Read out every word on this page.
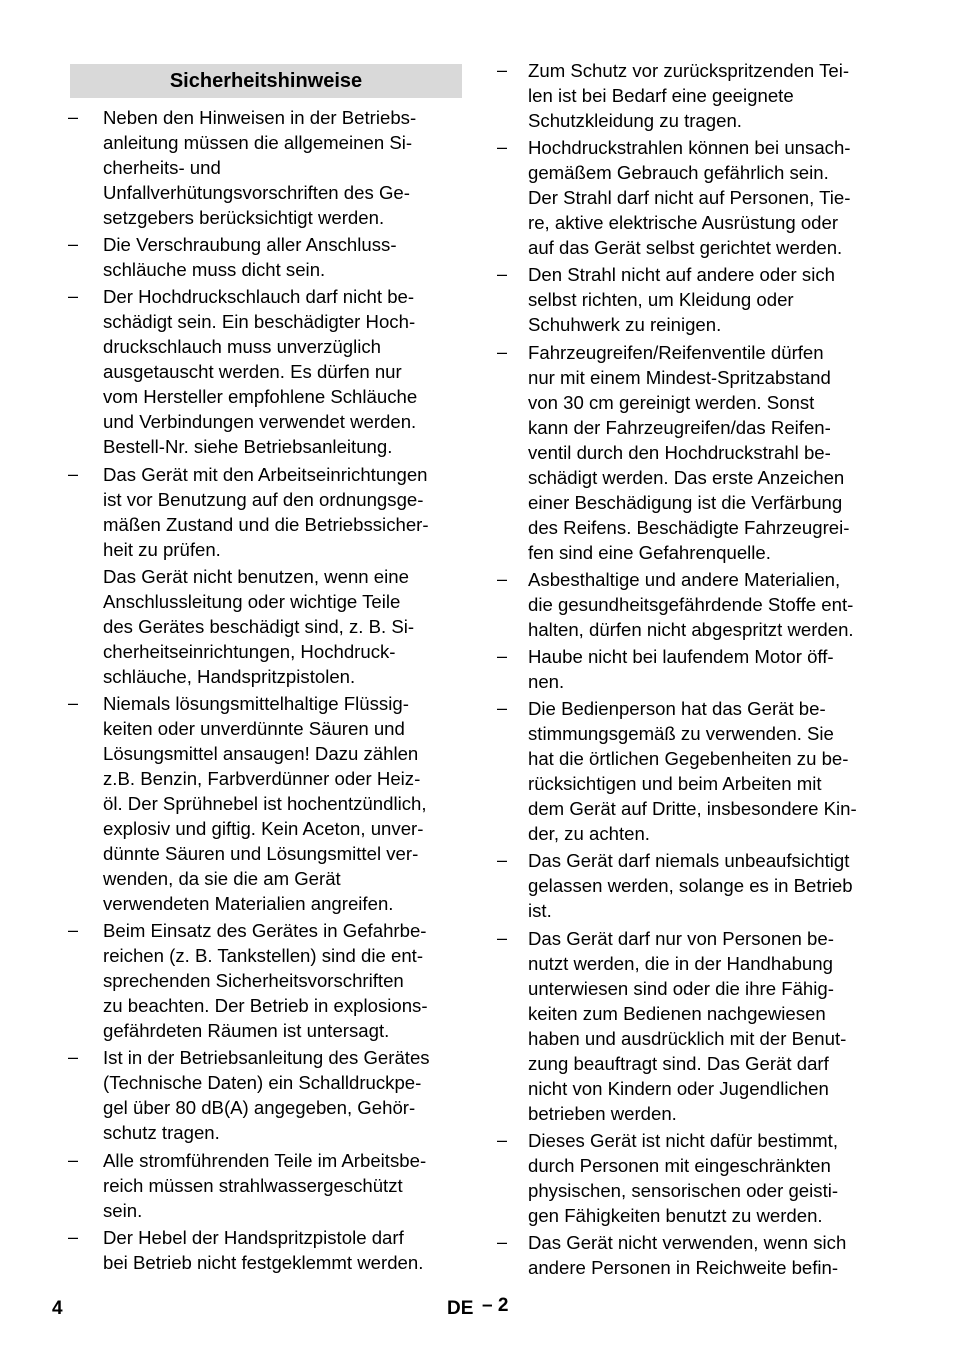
Sicherheitshinweise
– Neben den Hinweisen in der Betriebs-
anleitung müssen die allgemeinen Si-
cherheits- und
Unfallverhütungsvorschriften des Ge-
setzgebers berücksichtigt werden.
– Die Verschraubung aller Anschluss-
schläuche muss dicht sein.
– Der Hochdruckschlauch darf nicht be-
schädigt sein. Ein beschädigter Hoch-
druckschlauch muss unverzüglich
ausgetauscht werden. Es dürfen nur
vom Hersteller empfohlene Schläuche
und Verbindungen verwendet werden.
Bestell-Nr. siehe Betriebsanleitung.
– Das Gerät mit den Arbeitseinrichtungen
ist vor Benutzung auf den ordnungsge-
mäßen Zustand und die Betriebssicher-
heit zu prüfen.
Das Gerät nicht benutzen, wenn eine
Anschlussleitung oder wichtige Teile
des Gerätes beschädigt sind, z. B. Si-
cherheitseinrichtungen, Hochdruck-
schläuche, Handspritzpistolen.
– Niemals lösungsmittelhaltige Flüssig-
keiten oder unverdünnte Säuren und
Lösungsmittel ansaugen! Dazu zählen
z.B. Benzin, Farbverdünner oder Heiz-
öl. Der Sprühnebel ist hochentzündlich,
explosiv und giftig. Kein Aceton, unver-
dünnte Säuren und Lösungsmittel ver-
wenden, da sie die am Gerät
verwendeten Materialien angreifen.
– Beim Einsatz des Gerätes in Gefahrbe-
reichen (z. B. Tankstellen) sind die ent-
sprechenden Sicherheitsvorschriften
zu beachten. Der Betrieb in explosions-
gefährdeten Räumen ist untersagt.
– Ist in der Betriebsanleitung des Gerätes
(Technische Daten) ein Schalldruckpe-
gel über 80 dB(A) angegeben, Gehör-
schutz tragen.
– Alle stromführenden Teile im Arbeitsbe-
reich müssen strahlwassergeschützt
sein.
– Der Hebel der Handspritzpistole darf
bei Betrieb nicht festgeklemmt werden.
– Zum Schutz vor zurückspritzenden Tei-
len ist bei Bedarf eine geeignete
Schutzkleidung zu tragen.
– Hochdruckstrahlen können bei unsach-
gemäßem Gebrauch gefährlich sein.
Der Strahl darf nicht auf Personen, Tie-
re, aktive elektrische Ausrüstung oder
auf das Gerät selbst gerichtet werden.
– Den Strahl nicht auf andere oder sich
selbst richten, um Kleidung oder
Schuhwerk zu reinigen.
– Fahrzeugreifen/Reifenventile dürfen
nur mit einem Mindest-Spritzabstand
von 30 cm gereinigt werden. Sonst
kann der Fahrzeugreifen/das Reifen-
ventil durch den Hochdruckstrahl be-
schädigt werden. Das erste Anzeichen
einer Beschädigung ist die Verfärbung
des Reifens. Beschädigte Fahrzeugrei-
fen sind eine Gefahrenquelle.
– Asbesthaltige und andere Materialien,
die gesundheitsgefährdende Stoffe ent-
halten, dürfen nicht abgespritzt werden.
– Haube nicht bei laufendem Motor öff-
nen.
– Die Bedienperson hat das Gerät be-
stimmungsgemäß zu verwenden. Sie
hat die örtlichen Gegebenheiten zu be-
rücksichtigen und beim Arbeiten mit
dem Gerät auf Dritte, insbesondere Kin-
der, zu achten.
– Das Gerät darf niemals unbeaufsichtigt
gelassen werden, solange es in Betrieb
ist.
– Das Gerät darf nur von Personen be-
nutzt werden, die in der Handhabung
unterwiesen sind oder die ihre Fähig-
keiten zum Bedienen nachgewiesen
haben und ausdrücklich mit der Benut-
zung beauftragt sind. Das Gerät darf
nicht von Kindern oder Jugendlichen
betrieben werden.
– Dieses Gerät ist nicht dafür bestimmt,
durch Personen mit eingeschränkten
physischen, sensorischen oder geisti-
gen Fähigkeiten benutzt zu werden.
– Das Gerät nicht verwenden, wenn sich
andere Personen in Reichweite befin-
4	DE – 2
